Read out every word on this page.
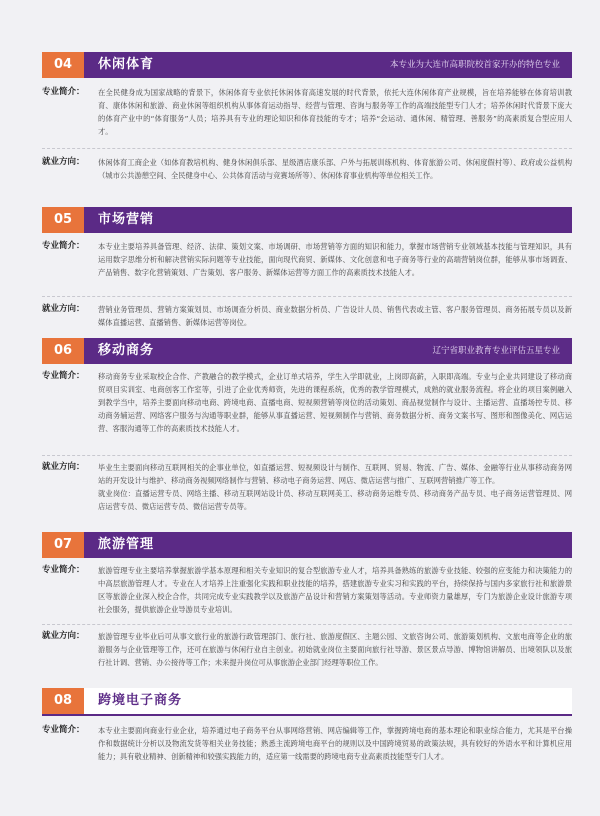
04	休闲体育	本专业为大连市高职院校首家开办的特色专业
专业简介：	在全民健身成为国家战略的背景下，休闲体育专业依托休闲体育高速发展的时代背景，依托大连休闲体育产业规模，旨在培养能够在体育培训教育、康体休闲和旅游、商业休闲等组织机构从事体育运动指导、经营与管理、咨询与服务等工作的高端技能型专门人才；培养休闲时代背景下庞大的体育产业中的“体育服务”人员；培养具有专业的理论知识和体育技能的专才；培养“会运动、通休闲、精管理、善服务”的高素质复合型应用人才。

就业方向：	休闲体育工商企业（如体育教培机构、健身休闲俱乐部、星级酒店康乐部、户外与拓展训练机构、体育旅游公司、休闲度假村等）、政府或公益机构（城市公共游憩空间、全民健身中心、公共体育活动与竞赛场所等）、休闲体育事业机构等单位相关工作。

05	市场营销
专业简介：	本专业主要培养具备管理、经济、法律、策划文案、市场调研、市场营销等方面的知识和能力，掌握市场营销专业领域基本技能与管理知识，具有运用数字思维分析和解决营销实际问题等专业技能，面向现代商贸、新媒体、文化创意和电子商务等行业的高端营销岗位群，能够从事市场调查、产品销售、数字化营销策划、广告策划、客户服务、新媒体运营等方面工作的高素质技术技能人才。

就业方向：	营销业务管理员、营销方案策划员、市场调查分析员、商业数据分析员、广告设计人员、销售代表或主管、客户服务管理员、商务拓展专员以及新媒体直播运营、直播销售、新媒体运营等岗位。

06	移动商务	辽宁省职业教育专业评估五星专业
专业简介：	移动商务专业采取校企合作、产教融合的教学模式，企业订单式培养，学生入学即就业，上岗即高薪，入职即高端。专业与企业共同建设了移动商贸项目实训室、电商创客工作室等，引进了企业优秀师资，先进的课程系统，优秀的教学管理模式，成熟的就业服务流程。将企业的项目案例融入到教学当中，培养主要面向移动电商、跨境电商、直播电商、短视频营销等岗位的活动策划、商品视觉制作与设计、主播运营、直播场控专员、移动商务辅运营、网络客户服务与沟通等职业群，能够从事直播运营、短视频制作与营销、商务数据分析、商务文案书写、图形和图像美化、网店运营、客服沟通等工作的高素质技术技能人才。

就业方向：	毕业生主要面向移动互联网相关的企事业单位，如直播运营、短视频设计与制作、互联网、贸易、物流、广告、媒体、金融等行业从事移动商务网站的开发设计与维护、移动商务视频网络制作与营销、移动电子商务运营、网店、微店运营与推广、互联网营销推广等工作。

就业岗位：直播运营专员、网络主播、移动互联网站设计员、移动互联网美工、移动商务运维专员、移动商务产品专员、电子商务运营管理员、网店运营专员、微店运营专员、微信运营专员等。

07	旅游管理
专业简介：	旅游管理专业主要培养掌握旅游学基本原理和相关专业知识的复合型旅游专业人才，培养具备熟练的旅游专业技能、较强的应变能力和决策能力的中高层旅游管理人才。专业在人才培养上注重强化实践和职业技能的培养，搭建旅游专业实习和实践的平台，持续保持与国内多家旅行社和旅游景区等旅游企业深入校企合作，共同完成专业实践教学以及旅游产品设计和营销方案策划等活动。专业师资力量雄厚，专门为旅游企业设计旅游专项社会服务，提供旅游企业导游员专业培训。

就业方向：	旅游管理专业毕业后可从事文旅行业的旅游行政管理部门、旅行社、旅游度假区、主题公园、文旅咨询公司、旅游策划机构、文旅电商等企业的旅游服务与企业管理等工作，还可在旅游与休闲行业自主创业。初始就业岗位主要面向旅行社导游、景区景点导游、博物馆讲解员、出境领队以及旅行社计调、营销、办公接待等工作；未来提升岗位可从事旅游企业部门经理等职位工作。

08	跨境电子商务
专业简介：	本专业主要面向商业行业企业，培养通过电子商务平台从事网络营销、网店编辑等工作，掌握跨境电商的基本理论和职业综合能力，尤其是平台操作和数据统计分析以及物流发货等相关业务技能；熟悉主流跨境电商平台的规则以及中国跨境贸易的政策法规，具有较好的外语水平和计算机应用能力；具有敬业精神、创新精神和较强实践能力的，适应第一线需要的跨境电商专业高素质技能型专门人才。
